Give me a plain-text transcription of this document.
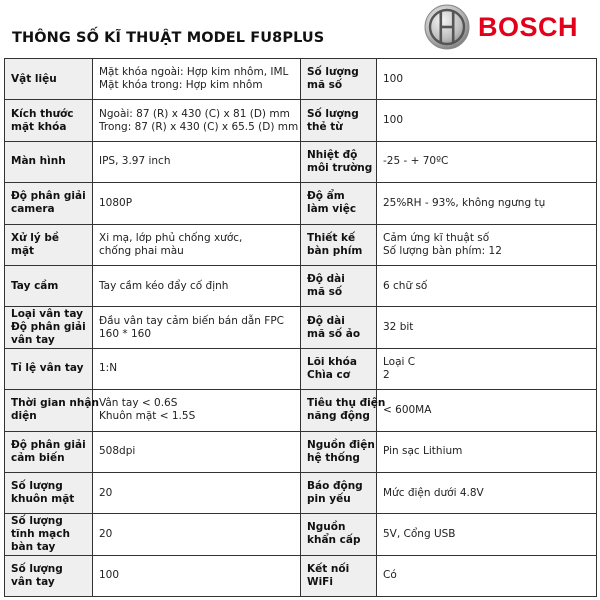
THÔNG SỐ KĨ THUẬT MODEL FU8PLUS	BOSCH
Vật liệu	Mặt khóa ngoài: Hợp kim nhôm, IML
Mặt khóa trong: Hợp kim nhôm	Số lượng
mã số	100

Kích thước
mặt khóa	Ngoài: 87 (R) x 430 (C) x 81 (D) mm
Trong: 87 (R) x 430 (C) x 65.5 (D) mm	Số lượng
thẻ từ	100

Màn hình	IPS, 3.97 inch	Nhiệt độ
môi trường	-25 - + 70ºC

Độ phân giải
camera	1080P	Độ ẩm
làm việc	25%RH - 93%, không ngưng tụ

Xử lý bề
mặt	Xi mạ, lớp phủ chống xước,
chống phai màu	Thiết kế
bàn phím	Cảm ứng kĩ thuật số
Số lượng bàn phím: 12

Tay cầm	Tay cầm kéo đẩy cố định	Độ dài
mã số	6 chữ số

Loại vân tay
Độ phân giải
vân tay	Đầu vân tay cảm biến bán dẫn FPC
160 * 160	Độ dài
mã số ảo	32 bit

Tỉ lệ vân tay	1:N	Lõi khóa
Chìa cơ	Loại C
2

Thời gian nhận
diện	Vân tay < 0.6S
Khuôn mặt < 1.5S	Tiêu thụ điện
năng động	< 600MA

Độ phân giải
cảm biến	508dpi	Nguồn điện
hệ thống	Pin sạc Lithium

Số lượng
khuôn mặt	20	Báo động
pin yếu	Mức điện dưới 4.8V

Số lượng
tĩnh mạch
bàn tay	20	Nguồn
khẩn cấp	5V, Cổng USB

Số lượng
vân tay	100	Kết nối
WiFi	Có
